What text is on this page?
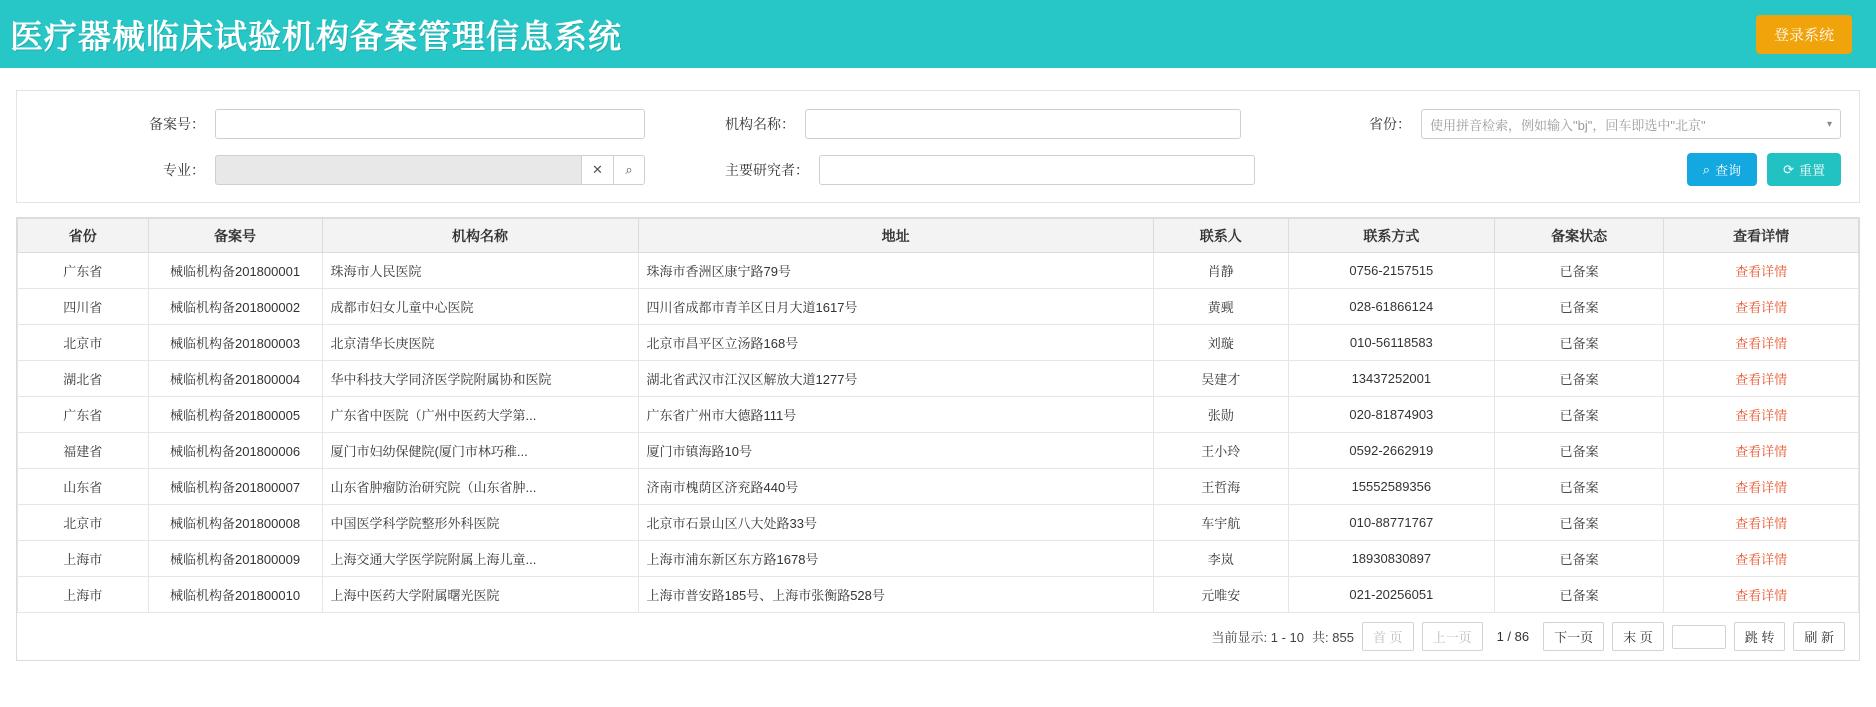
医疗器械临床试验机构备案管理信息系统	登录系统
备案号：	机构名称：	省份：	使用拼音检索，例如输入"bj"，回车即选中"北京"	▾
专业：	✕	⌕	主要研究者：	⌕ 查询	⟳ 重置
省份	备案号	机构名称	地址	联系人	联系方式	备案状态	查看详情
广东省	械临机构备201800001	珠海市人民医院	珠海市香洲区康宁路79号	肖静	0756-2157515	已备案	查看详情
四川省	械临机构备201800002	成都市妇女儿童中心医院	四川省成都市青羊区日月大道1617号	黄觋	028-61866124	已备案	查看详情
北京市	械临机构备201800003	北京清华长庚医院	北京市昌平区立汤路168号	刘璇	010-56118583	已备案	查看详情
湖北省	械临机构备201800004	华中科技大学同济医学院附属协和医院	湖北省武汉市江汉区解放大道1277号	吴建才	13437252001	已备案	查看详情
广东省	械临机构备201800005	广东省中医院（广州中医药大学第...	广东省广州市大德路111号	张勋	020-81874903	已备案	查看详情
福建省	械临机构备201800006	厦门市妇幼保健院(厦门市林巧稚...	厦门市镇海路10号	王小玲	0592-2662919	已备案	查看详情
山东省	械临机构备201800007	山东省肿瘤防治研究院（山东省肿...	济南市槐荫区济兖路440号	王哲海	15552589356	已备案	查看详情
北京市	械临机构备201800008	中国医学科学院整形外科医院	北京市石景山区八大处路33号	车宇航	010-88771767	已备案	查看详情
上海市	械临机构备201800009	上海交通大学医学院附属上海儿童...	上海市浦东新区东方路1678号	李岚	18930830897	已备案	查看详情
上海市	械临机构备201800010	上海中医药大学附属曙光医院	上海市普安路185号、上海市张衡路528号	元唯安	021-20256051	已备案	查看详情
当前显示: 1 - 10 共: 855	首 页	上一页	1 / 86	下一页	末 页	跳 转	刷 新
